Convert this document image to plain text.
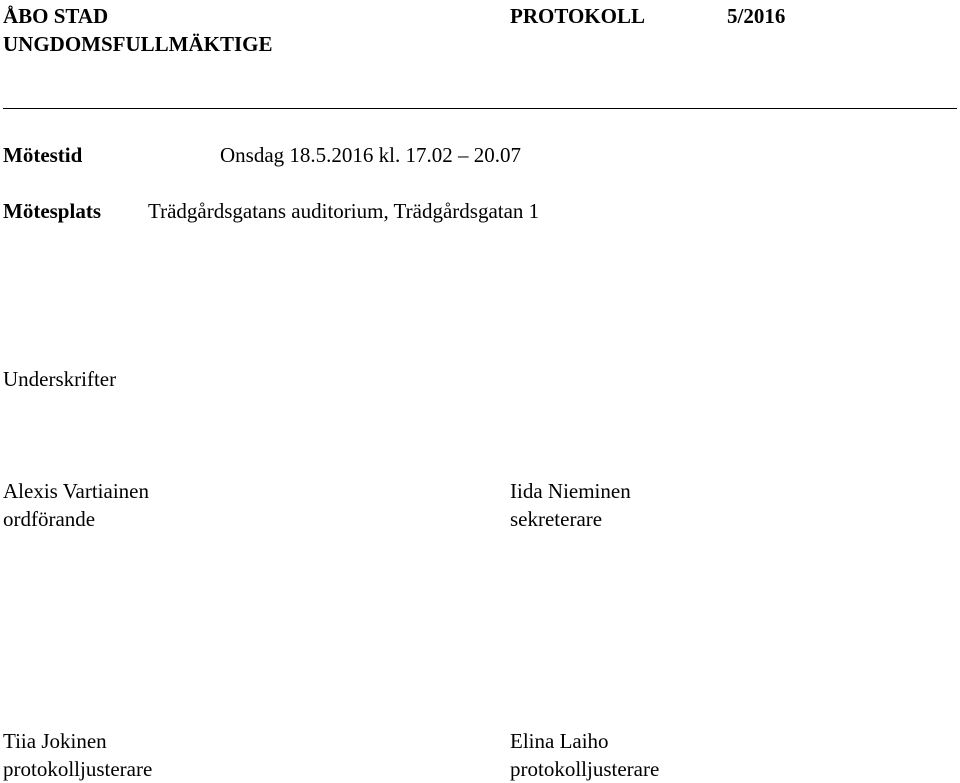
ÅBO STAD
UNGDOMSFULLMÄKTIGE
PROTOKOLL	5/2016
Mötestid	Onsdag 18.5.2016 kl. 17.02 – 20.07
Mötesplats Trädgårdsgatans auditorium, Trädgårdsgatan 1
Underskrifter
Alexis Vartiainen
ordförande
Iida Nieminen
sekreterare
Tiia Jokinen
protokolljusterare
Elina Laiho
protokolljusterare
